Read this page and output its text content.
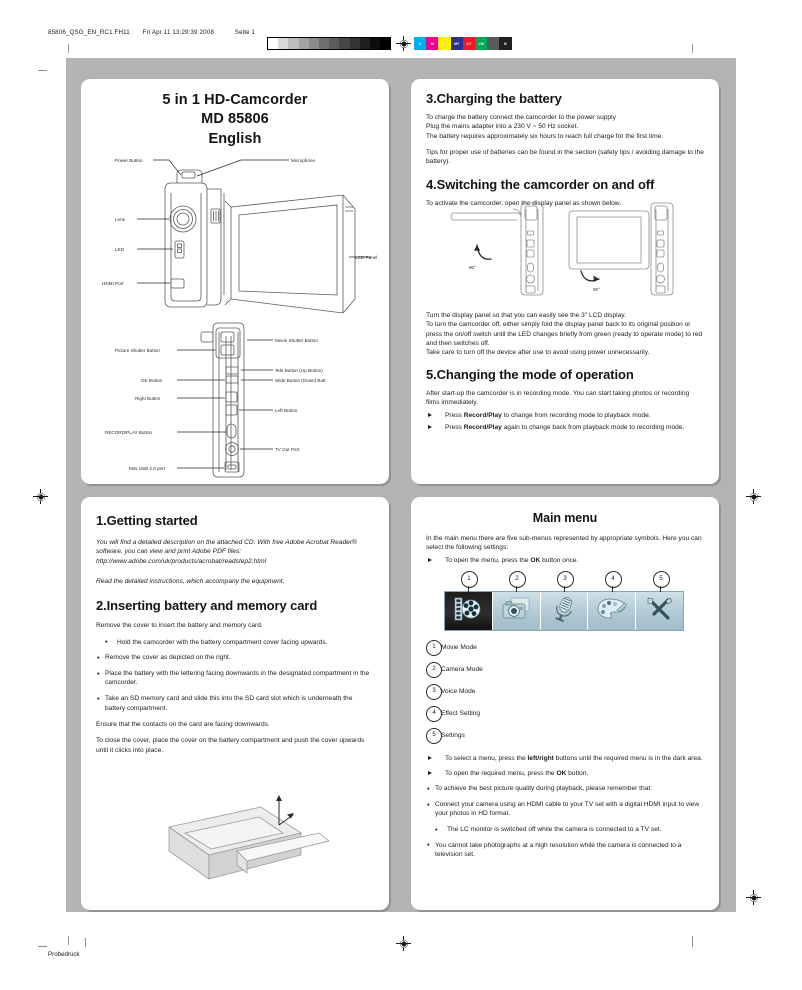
85806_QSG_EN_RC1.FH11 Fri Apr 11 13:29:39 2008	Seite 1
C	M	Y	MY	CY	CM	B
5 in 1 HD-Camcorder
MD 85806
English
Power Button	Microphone
Lens
LED
HDMI Port
LCD Panel
Movie Shutter Button
Picture Shutter Button
Tele Button (Up Button)
Wide Button (Down) Butt
OK Button
Right Button
Left Button
RECORD/PLAY Button
TV Out Port
Mini USB 2.0 port
3.Charging the battery

To charge the battery connect the camcorder to the power supply

Plug the mains adapter into a 230 V ~ 50 Hz socket.

The battery requires approximately six hours to reach full charge for the first time.

Tips for proper use of batteries can be found in the section (safety tips / avoiding damage to the battery).

4.Switching the camcorder on and off

To activate the camcorder, open the display panel as shown below.

90°
90°

Turn the display panel so that you can easily see the 3" LCD display.

To turn the camcorder off, either simply fold the display panel back to its original position or press the on/off switch until the LED changes briefly from green (ready to operate mode) to red and then switches off.

Take care to turn off the device after use to avoid using power unnecessarily.

5.Changing the mode of operation

After start-up the camcorder is in recording mode. You can start taking photos or recording films immediately.

Press Record/Play to change from recording mode to playback mode.
Press Record/Play again to change back from playback mode to recording mode.
1.Getting started

You will find a detailed description on the attached CD. With free Adobe Acrobat Reader®

software, you can view and print Adobe PDF files:

http://www.adobe.com/uk/products/acrobat/readstep2.html

Read the detailed instructions, which accompany the equipment.

2.Inserting battery and memory card

Remove the cover to insert the battery and memory card.

• Hold the camcorder with the battery compartment cover facing upwards.
• Remove the cover as depicted on the right.
• Place the battery with the lettering facing downwards in the designated compartment in the camcorder.
• Take an SD memory card and slide this into the SD card slot which is underneath the battery compartment.

Ensure that the contacts on the card are facing downwards.

To close the cover, place the cover on the battery compartment and push the cover upwards until it clicks into place.

Main menu

In the main menu there are five sub-menus represented by appropriate symbols. Here you can select the following settings:

To open the menu, press the OK button once.
1	2	3	4	5
1 Movie Mode
2 Camera Mode
3 Voice Mode
4 Effect Setting
5 Settings
To select a menu, press the left/right buttons until the required menu is in the dark area.
To open the required menu, press the OK button.
• To achieve the best picture quality during playback, please remember that:
• Connect your camera using an HDMI cable to your TV set with a digital HDMI input to view your photos in HD format.
• The LC monitor is switched off while the camera is connected to a TV set.
• You cannot take photographs at a high resolution while the camera is connected to a television set.
Probedruck
